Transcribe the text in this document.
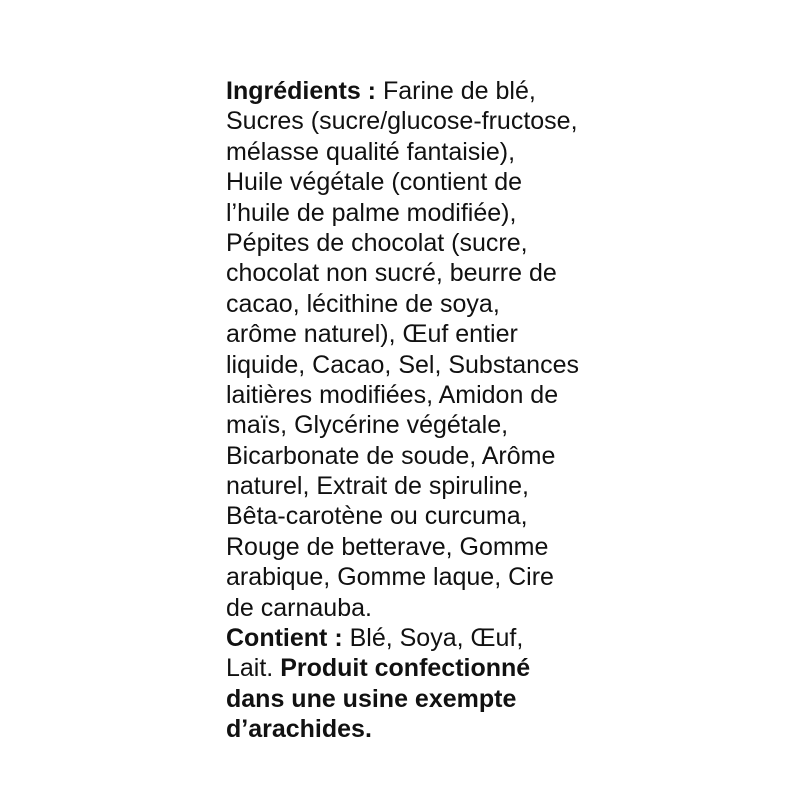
Ingrédients : Farine de blé,
Sucres (sucre/glucose-fructose,
mélasse qualité fantaisie),
Huile végétale (contient de
l’huile de palme modifiée),
Pépites de chocolat (sucre,
chocolat non sucré, beurre de
cacao, lécithine de soya,
arôme naturel), Œuf entier
liquide, Cacao, Sel, Substances
laitières modifiées, Amidon de
maïs, Glycérine végétale,
Bicarbonate de soude, Arôme
naturel, Extrait de spiruline,
Bêta-carotène ou curcuma,
Rouge de betterave, Gomme
arabique, Gomme laque, Cire
de carnauba.
Contient : Blé, Soya, Œuf,
Lait. Produit confectionné
dans une usine exempte
d’arachides.
